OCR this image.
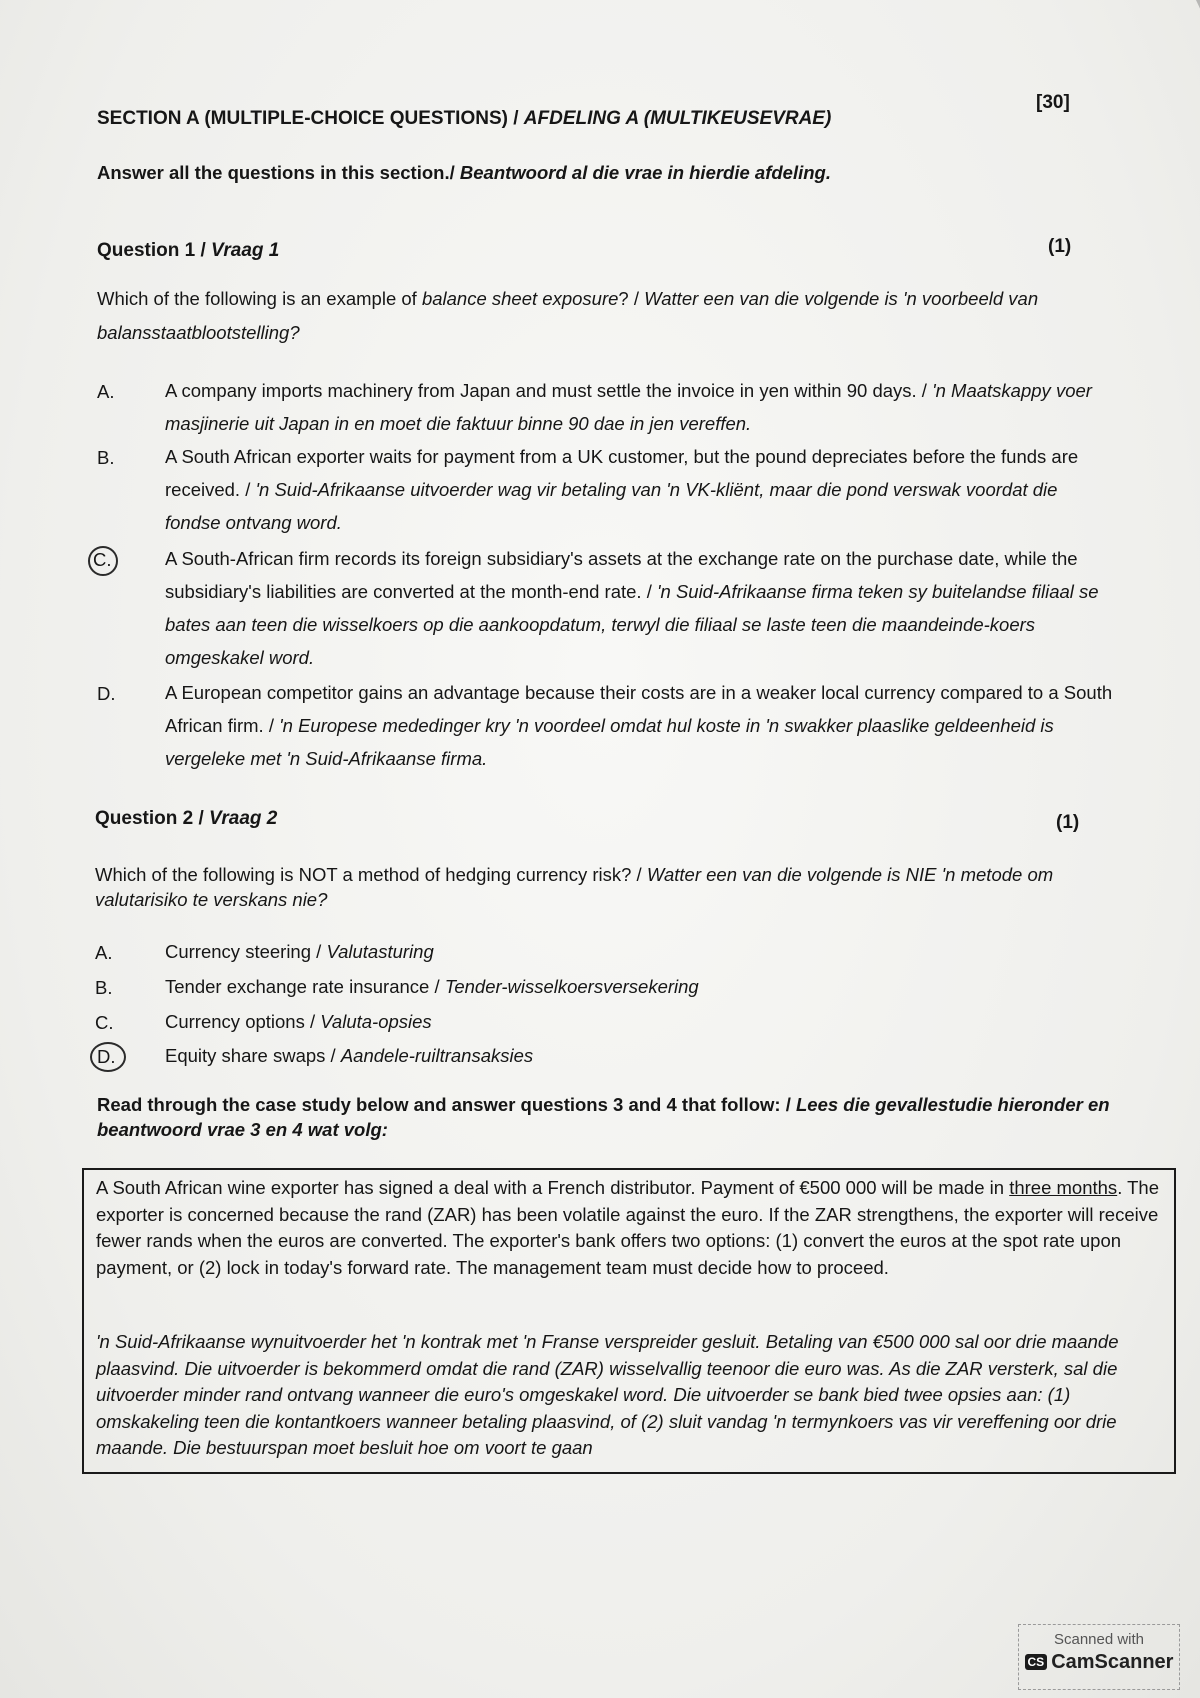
[30]
SECTION A (MULTIPLE-CHOICE QUESTIONS) / AFDELING A (MULTIKEUSEVRAE)
Answer all the questions in this section./ Beantwoord al die vrae in hierdie afdeling.
Question 1 / Vraag 1	(1)
Which of the following is an example of balance sheet exposure? / Watter een van die volgende is 'n voorbeeld van balansstaatblootstelling?
A.	A company imports machinery from Japan and must settle the invoice in yen within 90 days. / 'n Maatskappy voer masjinerie uit Japan in en moet die faktuur binne 90 dae in jen vereffen.
B.	A South African exporter waits for payment from a UK customer, but the pound depreciates before the funds are received. / 'n Suid-Afrikaanse uitvoerder wag vir betaling van 'n VK-kliënt, maar die pond verswak voordat die fondse ontvang word.
C.	A South-African firm records its foreign subsidiary's assets at the exchange rate on the purchase date, while the subsidiary's liabilities are converted at the month-end rate. / 'n Suid-Afrikaanse firma teken sy buitelandse filiaal se bates aan teen die wisselkoers op die aankoopdatum, terwyl die filiaal se laste teen die maandeinde-koers omgeskakel word.
D.	A European competitor gains an advantage because their costs are in a weaker local currency compared to a South African firm. / 'n Europese mededinger kry 'n voordeel omdat hul koste in 'n swakker plaaslike geldeenheid is vergeleke met 'n Suid-Afrikaanse firma.
Question 2 / Vraag 2	(1)
Which of the following is NOT a method of hedging currency risk? / Watter een van die volgende is NIE 'n metode om valutarisiko te verskans nie?
A.	Currency steering / Valutasturing
B.	Tender exchange rate insurance / Tender-wisselkoersversekering
C.	Currency options / Valuta-opsies
D.	Equity share swaps / Aandele-ruiltransaksies
Read through the case study below and answer questions 3 and 4 that follow: / Lees die gevallestudie hieronder en beantwoord vrae 3 en 4 wat volg:
A South African wine exporter has signed a deal with a French distributor. Payment of €500 000 will be made in three months. The exporter is concerned because the rand (ZAR) has been volatile against the euro. If the ZAR strengthens, the exporter will receive fewer rands when the euros are converted. The exporter's bank offers two options: (1) convert the euros at the spot rate upon payment, or (2) lock in today's forward rate. The management team must decide how to proceed.
'n Suid-Afrikaanse wynuitvoerder het 'n kontrak met 'n Franse verspreider gesluit. Betaling van €500 000 sal oor drie maande plaasvind. Die uitvoerder is bekommerd omdat die rand (ZAR) wisselvallig teenoor die euro was. As die ZAR versterk, sal die uitvoerder minder rand ontvang wanneer die euro's omgeskakel word. Die uitvoerder se bank bied twee opsies aan: (1) omskakeling teen die kontantkoers wanneer betaling plaasvind, of (2) sluit vandag 'n termynkoers vas vir vereffening oor drie maande. Die bestuurspan moet besluit hoe om voort te gaan
Scanned with
CS CamScanner
